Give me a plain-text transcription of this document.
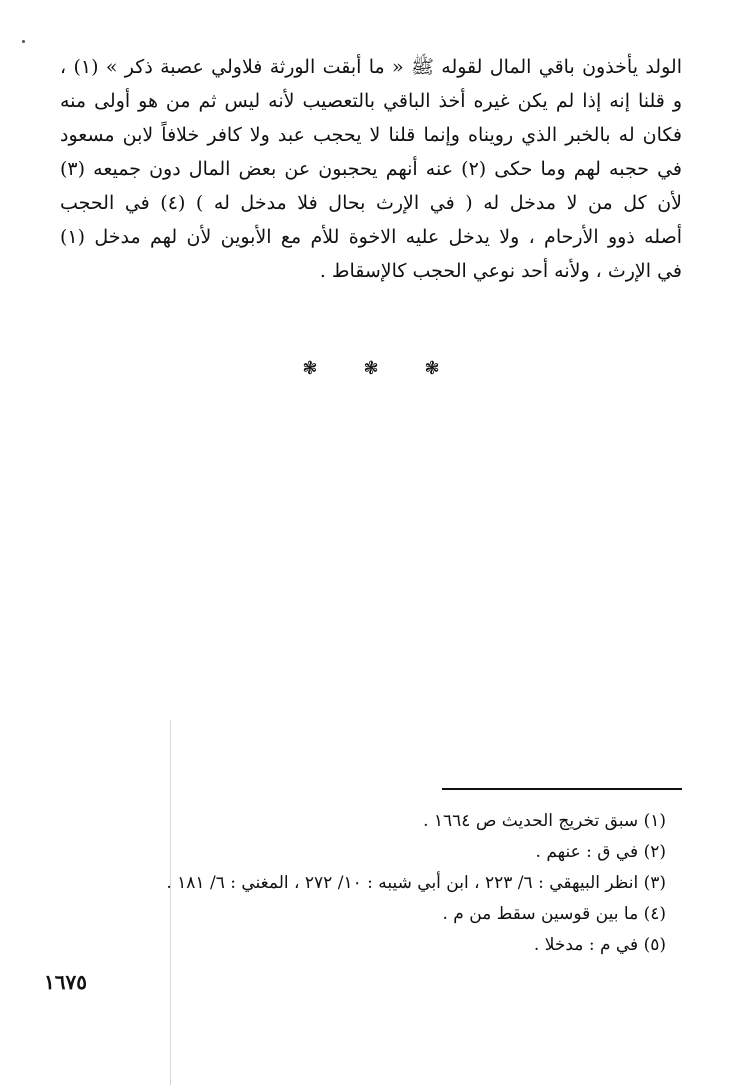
الولد يأخذون باقي المال لقوله ﷺ « ما أبقت الورثة فلاولي عصبة ذكر » (١) ،
و قلنا إنه إذا لم يكن غيره أخذ الباقي بالتعصيب لأنه ليس ثم من هو أولى منه
فكان له بالخبر الذي رويناه وإنما قلنا لا يحجب عبد ولا كافر خلافاً لابن مسعود
في حجبه لهم وما حكى (٢) عنه أنهم يحجبون عن بعض المال دون جميعه (٣)
لأن كل من لا مدخل له ( في الإرث بحال فلا مدخل له ) (٤) في الحجب
أصله ذوو الأرحام ، ولا يدخل عليه الاخوة للأم مع الأبوين لأن لهم مدخل (١)
في الإرث ، ولأنه أحد نوعي الحجب كالإسقاط .
❃	❃	❃
(١) سبق تخريج الحديث ص ١٦٦٤ .
(٢) في ق : عنهم .
(٣) انظر البيهقي : ٦/ ٢٢٣ ، ابن أبي شيبه : ١٠/ ٢٧٢ ، المغني : ٦/ ١٨١ .
(٤) ما بين قوسين سقط من م .
(٥) في م : مدخلا .
١٦٧٥
